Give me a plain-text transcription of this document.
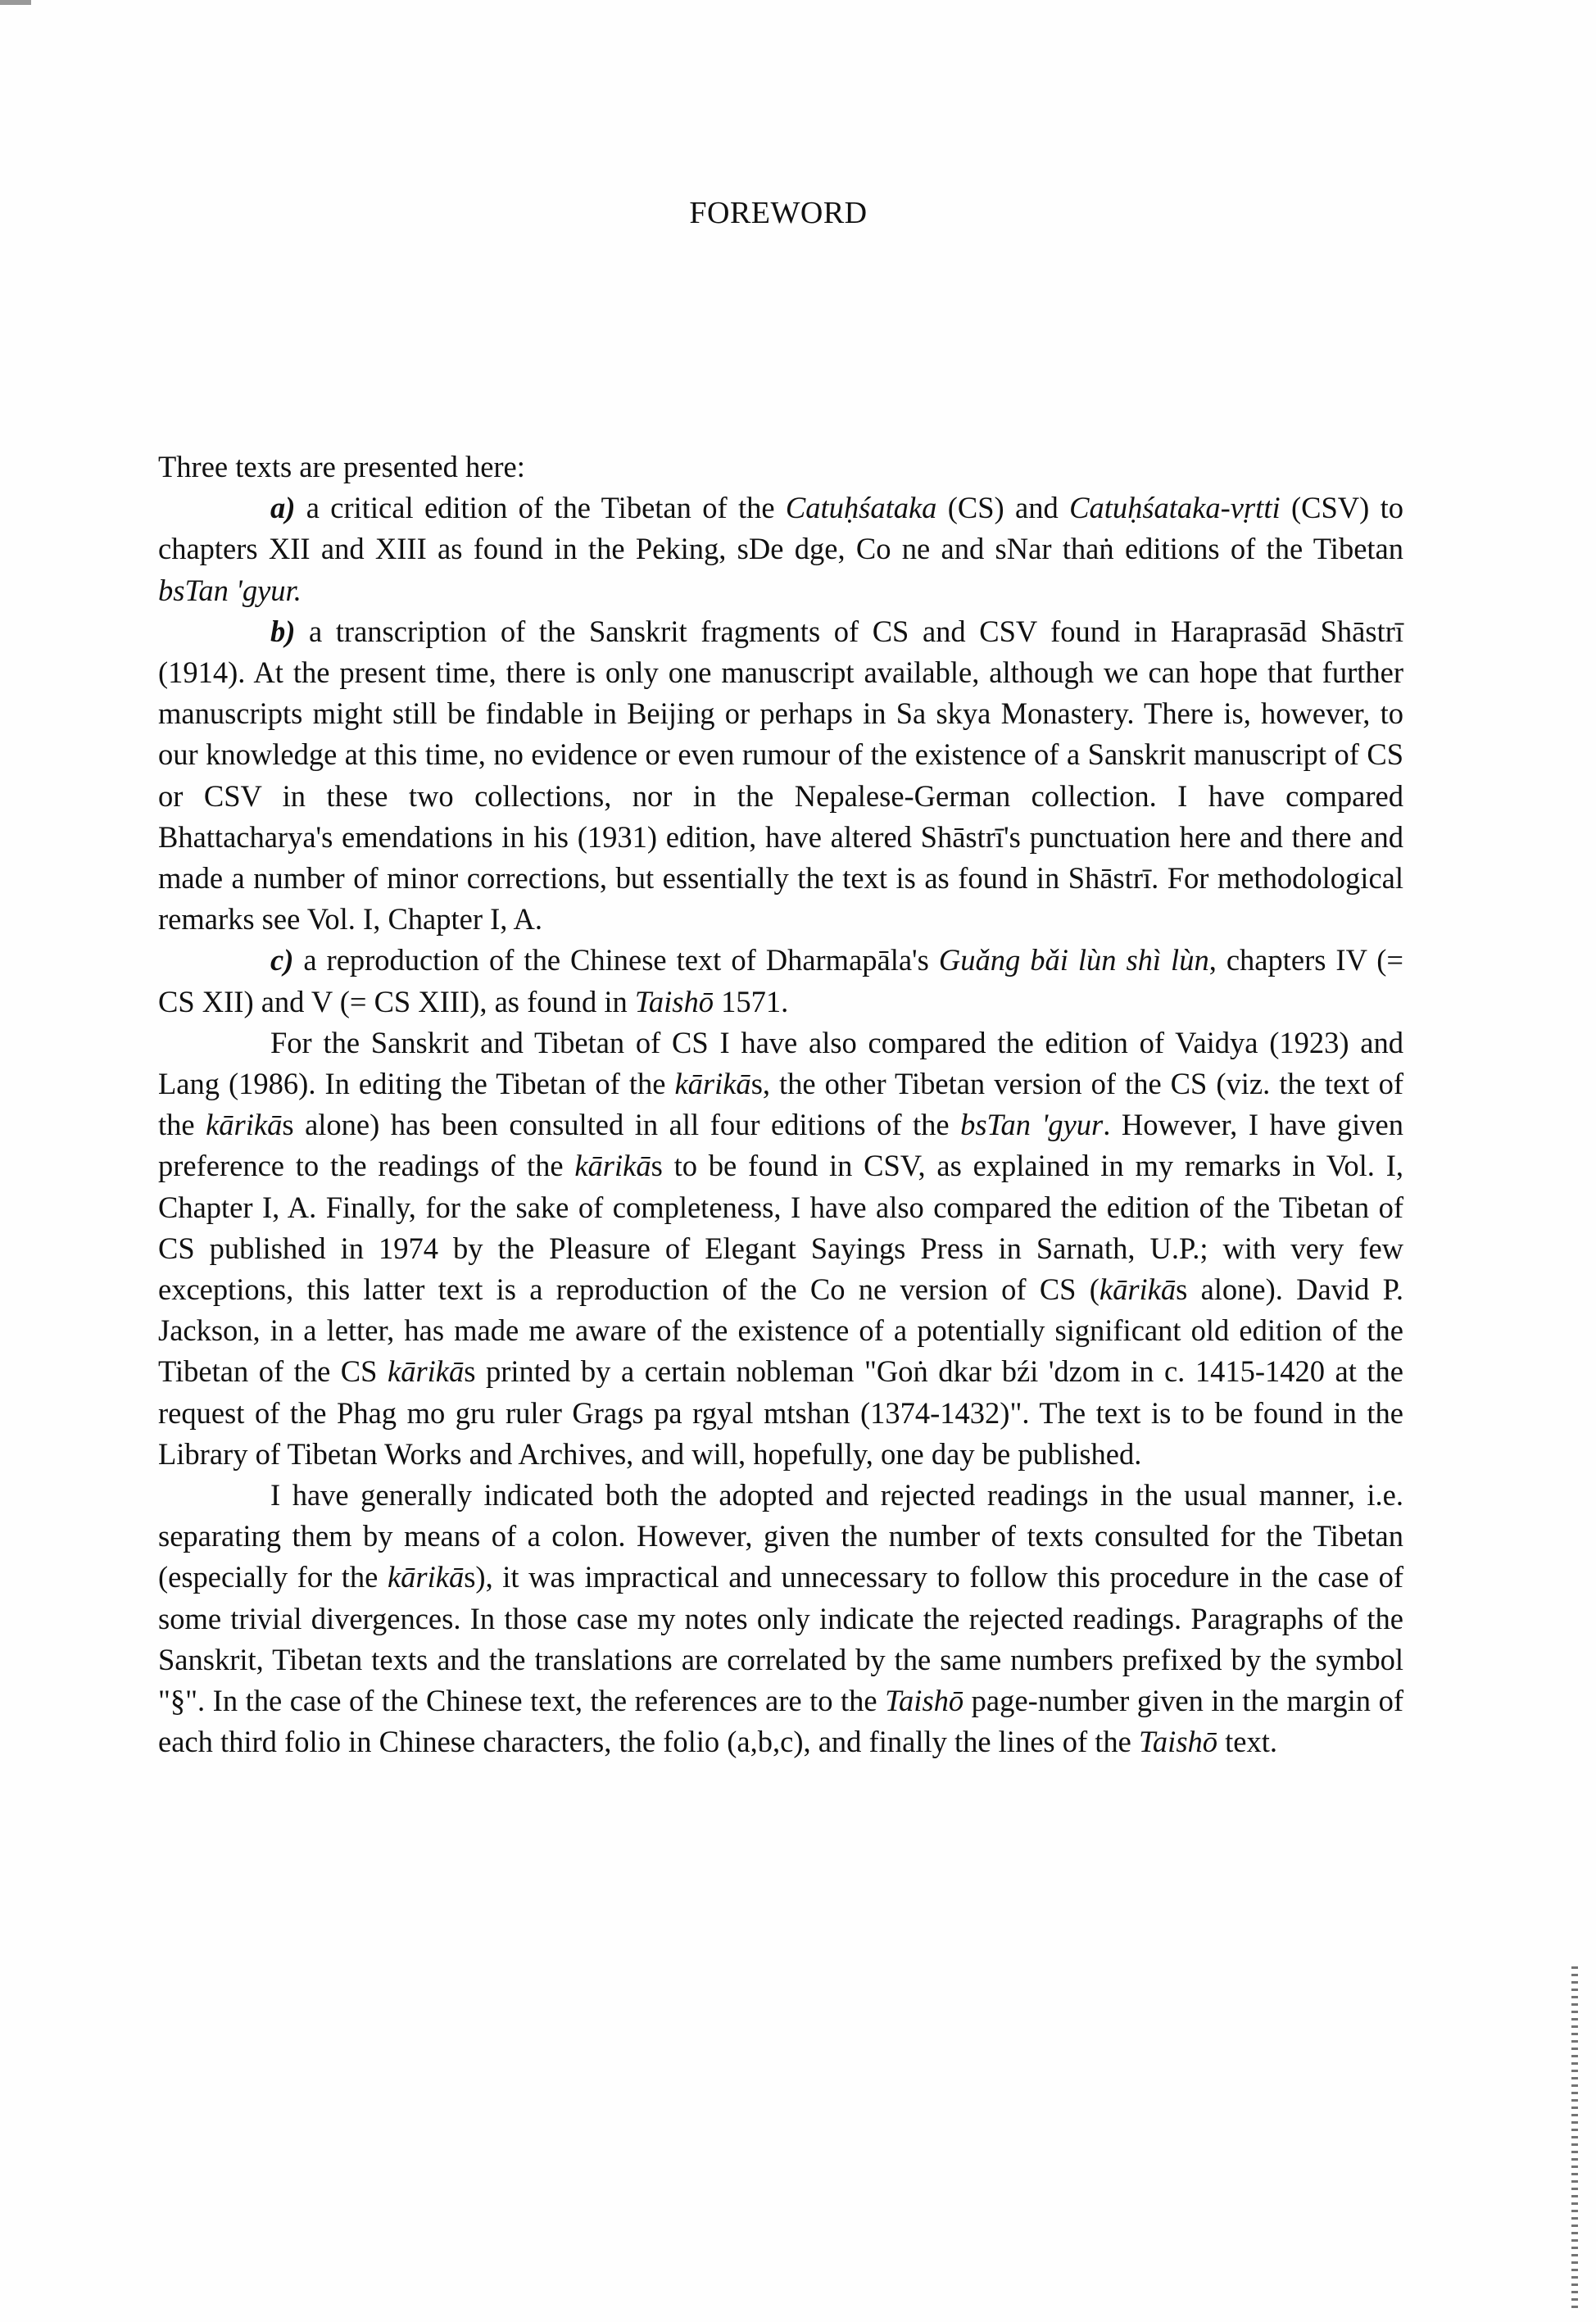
FOREWORD

Three texts are presented here:

a) a critical edition of the Tibetan of the Catuḥśataka (CS) and Catuḥśataka-vṛtti (CSV) to chapters XII and XIII as found in the Peking, sDe dge, Co ne and sNar thaṅ editions of the Tibetan bsTan 'gyur.

b) a transcription of the Sanskrit fragments of CS and CSV found in Haraprasād Shāstrī (1914). At the present time, there is only one manuscript available, although we can hope that further manuscripts might still be findable in Beijing or perhaps in Sa skya Monastery. There is, however, to our knowledge at this time, no evidence or even rumour of the existence of a Sanskrit manuscript of CS or CSV in these two collections, nor in the Nepalese-German collection. I have compared Bhattacharya's emendations in his (1931) edition, have altered Shāstrī's punctuation here and there and made a number of minor corrections, but essentially the text is as found in Shāstrī. For methodological remarks see Vol. I, Chapter I, A.

c) a reproduction of the Chinese text of Dharmapāla's Guǎng bǎi lùn shì lùn, chapters IV (= CS XII) and V (= CS XIII), as found in Taishō 1571.

For the Sanskrit and Tibetan of CS I have also compared the edition of Vaidya (1923) and Lang (1986). In editing the Tibetan of the kārikās, the other Tibetan version of the CS (viz. the text of the kārikās alone) has been consulted in all four editions of the bsTan 'gyur. However, I have given preference to the readings of the kārikās to be found in CSV, as explained in my remarks in Vol. I, Chapter I, A. Finally, for the sake of completeness, I have also compared the edition of the Tibetan of CS published in 1974 by the Pleasure of Elegant Sayings Press in Sarnath, U.P.; with very few exceptions, this latter text is a reproduction of the Co ne version of CS (kārikās alone). David P. Jackson, in a letter, has made me aware of the existence of a potentially significant old edition of the Tibetan of the CS kārikās printed by a certain nobleman "Goṅ dkar bźi 'dzom in c. 1415-1420 at the request of the Phag mo gru ruler Grags pa rgyal mtshan (1374-1432)". The text is to be found in the Library of Tibetan Works and Archives, and will, hopefully, one day be published.

I have generally indicated both the adopted and rejected readings in the usual manner, i.e. separating them by means of a colon. However, given the number of texts consulted for the Tibetan (especially for the kārikās), it was impractical and unnecessary to follow this procedure in the case of some trivial divergences. In those case my notes only indicate the rejected readings. Paragraphs of the Sanskrit, Tibetan texts and the translations are correlated by the same numbers prefixed by the symbol "§". In the case of the Chinese text, the references are to the Taishō page-number given in the margin of each third folio in Chinese characters, the folio (a,b,c), and finally the lines of the Taishō text.
